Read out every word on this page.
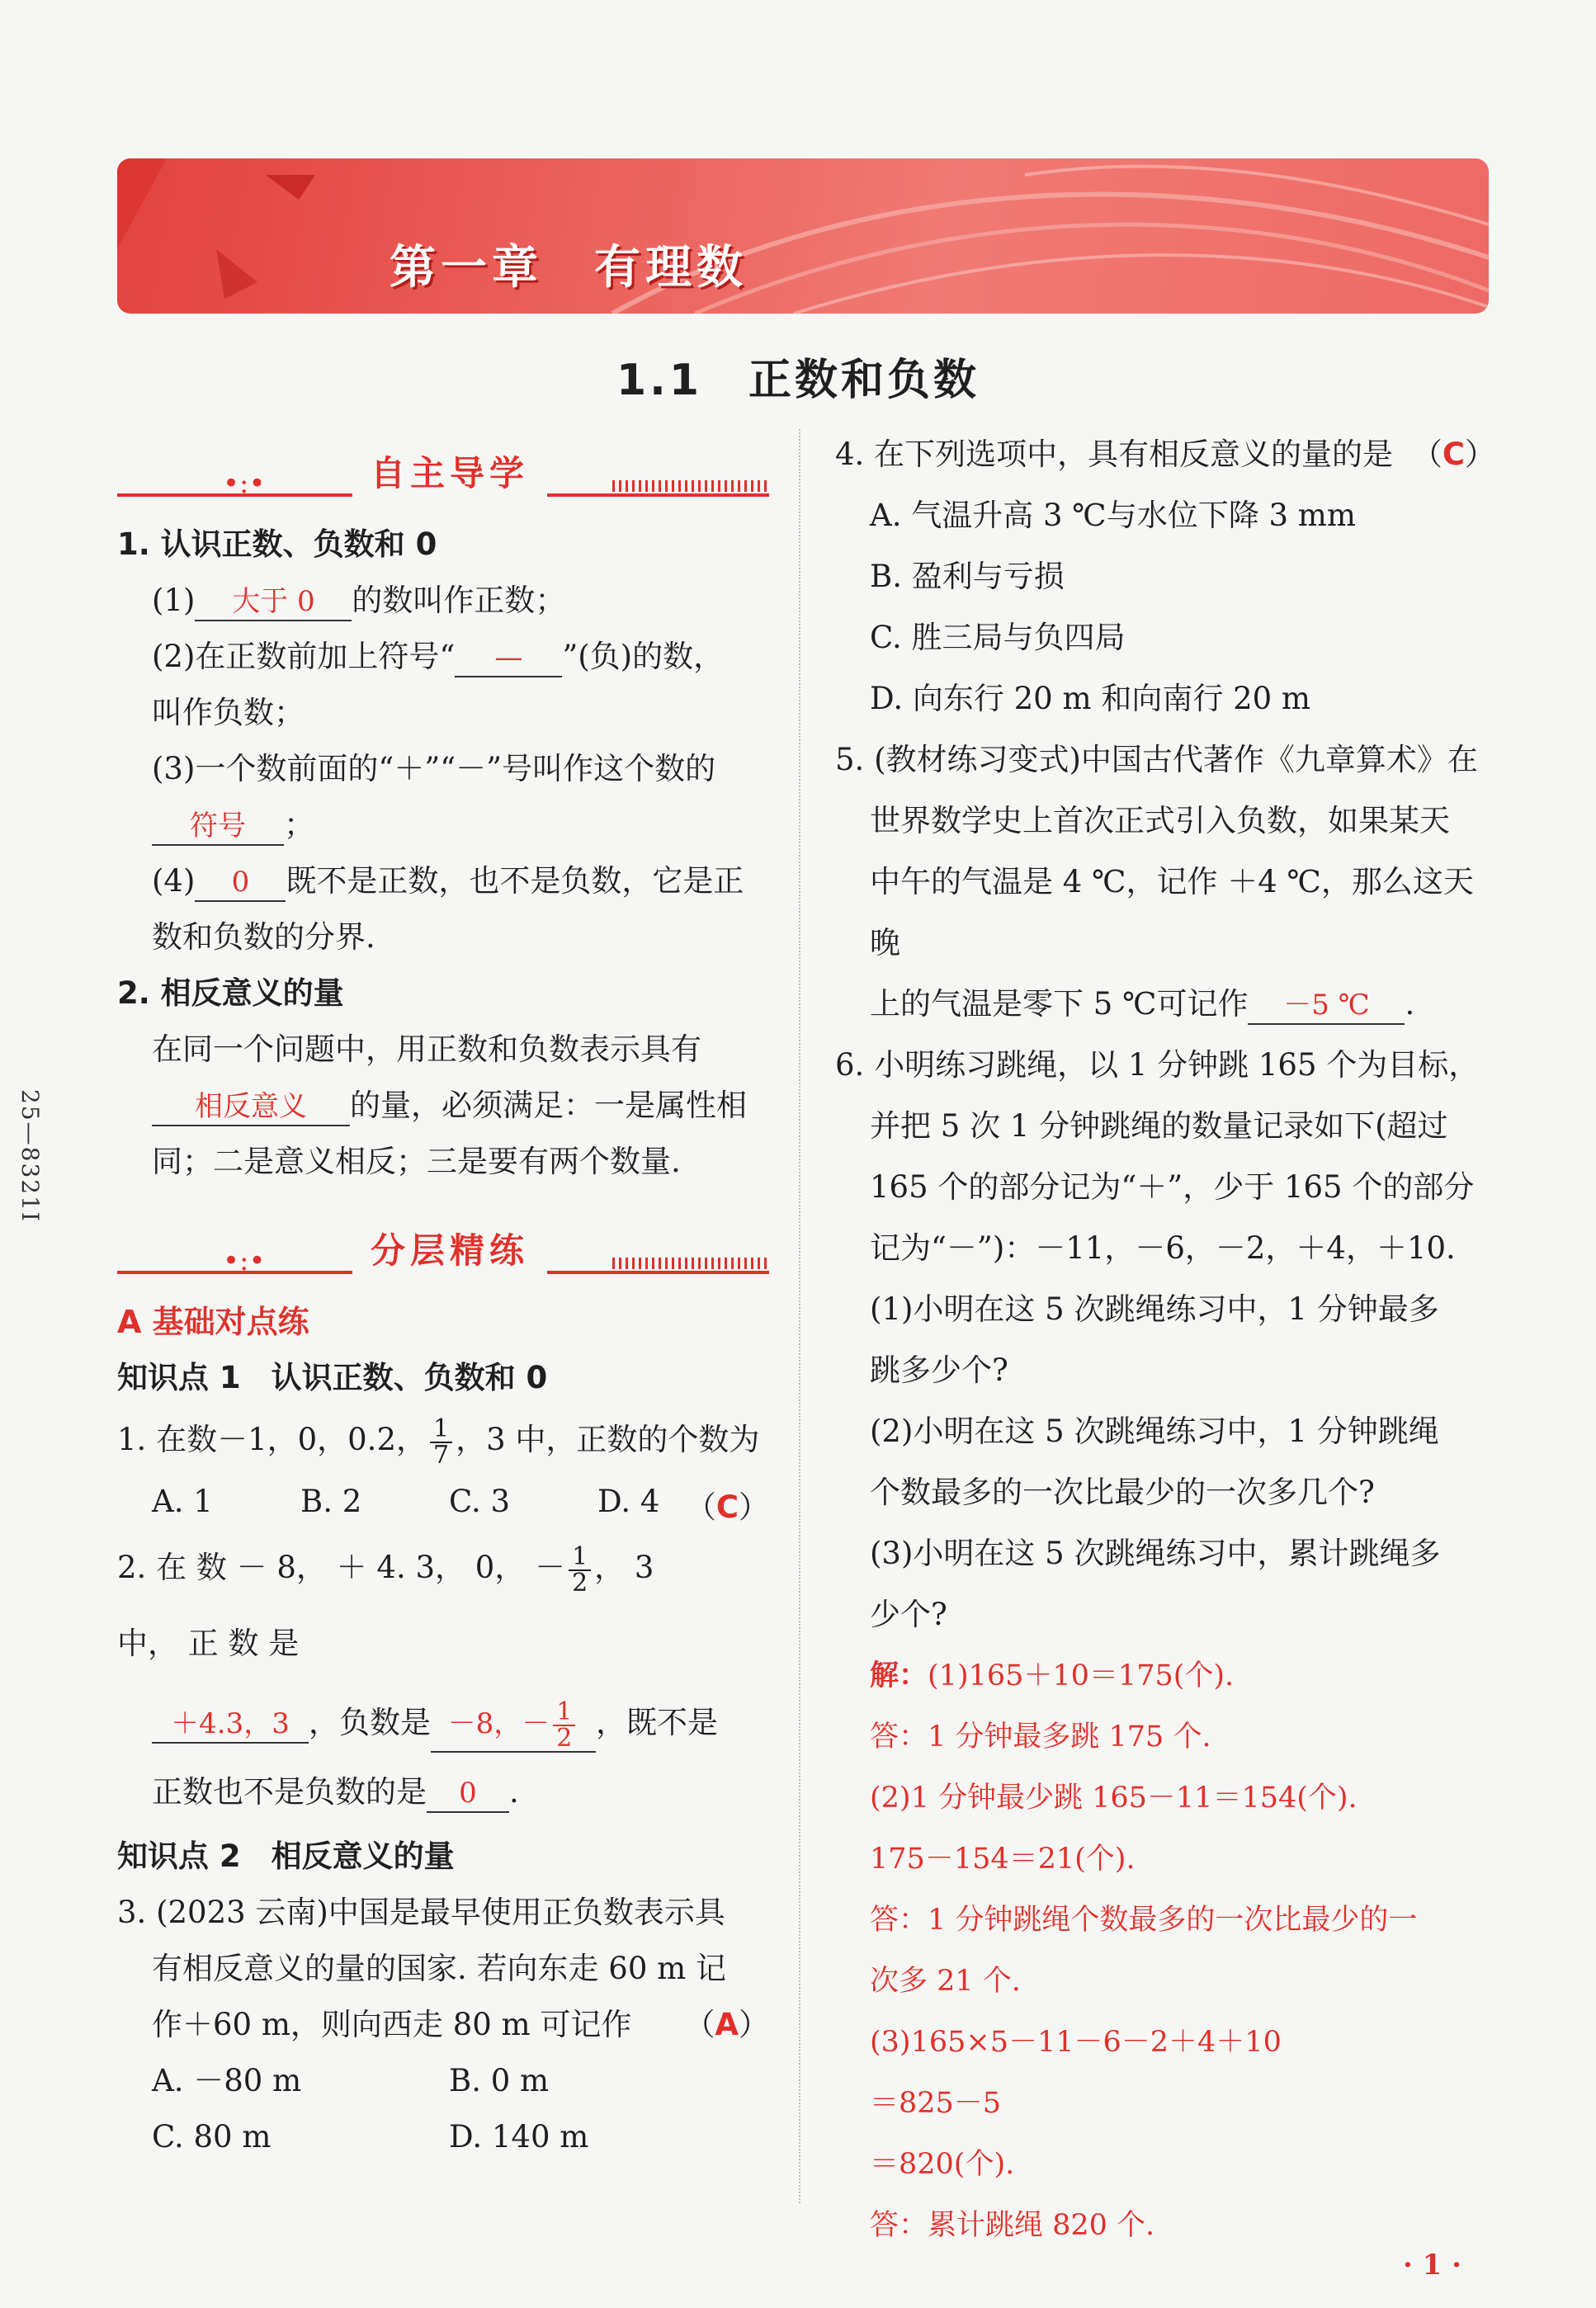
第一章　有理数
1.1　正数和负数
25—8321I
•:•	自主导学

1. 认识正数、负数和 0

(1) 大于 0 的数叫作正数；

(2)在正数前加上符号“ — ”(负)的数，

叫作负数；

(3)一个数前面的“＋”“－”号叫作这个数的

符号 ；

(4) 0 既不是正数，也不是负数，它是正

数和负数的分界.

2. 相反意义的量

在同一个问题中，用正数和负数表示具有

相反意义 的量，必须满足：一是属性相

同；二是意义相反；三是要有两个数量.

•:•	分层精练

A 基础对点练

知识点 1　认识正数、负数和 0

1. 在数－1，0，0.2， $\frac{1}{7}$ ，3 中，正数的个数为
（C）

A. 1	B. 2	C. 3	D. 4

2. 在 数 － 8， ＋ 4. 3， 0， － $\frac{1}{2}$ ， 3 中， 正 数 是

＋4.3，3 ，负数是 －8，－ $\frac{1}{2}$ ，既不是

正数也不是负数的是 0 .

知识点 2　相反意义的量

3. (2023 云南)中国是最早使用正负数表示具

有相反意义的量的国家. 若向东走 60 m 记

作＋60 m，则向西走 80 m 可记作 （A）

A. －80 m	B. 0 m

C. 80 m	D. 140 m

4. 在下列选项中，具有相反意义的量的是 （C）

A. 气温升高 3 ℃与水位下降 3 mm

B. 盈利与亏损

C. 胜三局与负四局

D. 向东行 20 m 和向南行 20 m

5. (教材练习变式)中国古代著作《九章算术》在

世界数学史上首次正式引入负数，如果某天

中午的气温是 4 ℃，记作 ＋4 ℃，那么这天晚

上的气温是零下 5 ℃可记作 －5 ℃ .

6. 小明练习跳绳，以 1 分钟跳 165 个为目标，

并把 5 次 1 分钟跳绳的数量记录如下(超过

165 个的部分记为“＋”，少于 165 个的部分

记为“－”)：－11，－6，－2，＋4，＋10.

(1)小明在这 5 次跳绳练习中，1 分钟最多

跳多少个?

(2)小明在这 5 次跳绳练习中，1 分钟跳绳

个数最多的一次比最少的一次多几个?

(3)小明在这 5 次跳绳练习中，累计跳绳多

少个?

解：(1)165＋10＝175(个).

答：1 分钟最多跳 175 个.

(2)1 分钟最少跳 165－11＝154(个).

175－154＝21(个).

答：1 分钟跳绳个数最多的一次比最少的一

次多 21 个.

(3)165×5－11－6－2＋4＋10

＝825－5

＝820(个).

答：累计跳绳 820 个.

· 1 ·
